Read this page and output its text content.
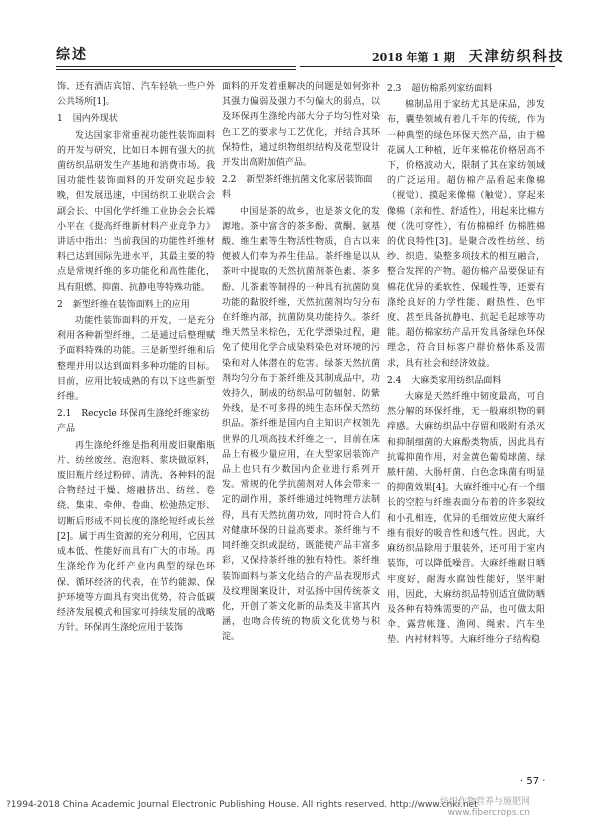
综述	2018 年第 1 期 天津纺织科技

饰、还有酒店宾馆、汽车轻轨一些户外公共场所[1]。

1 国内外现状

发达国家非常重视功能性装饰面料的开发与研究，比如日本拥有强大的抗菌纺织品研发生产基地和消费市场。我国功能性装饰面料的开发研究起步较晚，但发展迅速，中国纺织工业联合会副会长、中国化学纤维工业协会会长端小平在《提高纤维新材料产业竞争力》讲话中指出：当前我国的功能性纤维材料已达到国际先进水平，其最主要的特点是常规纤维的多功能化和高性能化，具有阻燃、抑菌、抗静电等特殊功能。

2 新型纤维在装饰面料上的应用

功能性装饰面料的开发，一是充分利用各种新型纤维，二是通过后整理赋予面料特殊的功能。三是新型纤维和后整理并用以达到面料多种功能的目标。目前，应用比较成熟的有以下这些新型纤维。

2.1 Recycle 环保再生涤纶纤维家纺产品

再生涤纶纤维是指利用废旧聚酯瓶片、纺丝废丝、泡泡料、浆块做原料，废旧瓶片经过粉碎、清洗、各种料的混合物经过干燥、熔融挤出、纺丝、卷绕、集束、牵伸、卷曲、松弛热定形、切断后形成不同长度的涤纶短纤或长丝[2]。属于再生资源的充分利用，它因其成本低、性能好而具有广大的市场。再生涤纶作为化纤产业内典型的绿色环保、循环经济的代表，在节约能源、保护环境等方面具有突出优势，符合低碳经济发展模式和国家可持续发展的战略方针。环保再生涤纶应用于装饰

面料的开发着重解决的问题是如何弥补其强力偏弱及强力不匀偏大的弱点，以及环保再生涤纶内部大分子均匀性对染色工艺的要求与工艺优化，并结合其环保特性，通过织物组织结构及花型设计开发出高附加值产品。

2.2 新型茶纤维抗菌文化家居装饰面料

中国是茶的故乡，也是茶文化的发源地。茶中富含的茶多酚、黄酮、氨基酸、维生素等生物活性物质，自古以来便被人们奉为养生佳品。茶纤维是以从茶叶中提取的天然抗菌剂茶色素、茶多酚、儿茶素等制得的一种具有抗菌防臭功能的黏胶纤维，天然抗菌剂均匀分布在纤维内部，抗菌防臭功能持久。茶纤维天然呈米棕色，无化学漂染过程，避免了使用化学合成染料染色对环境的污染和对人体潜在的危害。绿茶天然抗菌剂均匀分布于茶纤维及其制成品中，功效持久，制成的纺织品可防辐射、防紫外线，是不可多得的纯生态环保天然纺织品。茶纤维是国内自主知识产权领先世界的几项高技术纤维之一，目前在床品上有极少量应用，在大型家居装饰产品上也只有少数国内企业进行系列开发。常规的化学抗菌剂对人体会带来一定的副作用，茶纤维通过纯物理方法制得，具有天然抗菌功效，同时符合人们对健康环保的日益高要求。茶纤维与不同纤维交织或混纺，既能使产品丰富多彩，又保持茶纤维的独有特性。茶纤维装饰面料与茶文化结合的产品表现形式及纹理图案设计，对弘扬中国传统茶文化，开创了茶文化新的品类及丰富其内涵，也吻合传统的物质文化优势与积淀。

2.3 超仿棉系列家纺面料

棉制品用于家纺尤其是床品，涉发布，囊垫领域有着几千年的传统，作为一种典型的绿色环保天然产品，由于棉花属人工种植，近年来棉花价格居高不下，价格波动大，限制了其在家纺领域的广泛运用。超仿棉产品看起来像棉（视觉）、摸起来像棉（触觉）、穿起来像棉（亲和性、舒适性），用起来比棉方便（洗可穿性），有仿棉棉纤 仿棉胜棉的优良特性[3]。是聚合改性纺丝、纺纱、织造、染整多项技术的相互融合，整合发挥的产物。超仿棉产品要保证有棉花优异的柔软性、保暖性等，还要有涤纶良好的力学性能、耐热性、色牢度、甚至具备抗静电、抗起毛起球等功能。超仿棉家纺产品开发具备绿色环保理念，符合目标客户群价格体系及需求，具有社会和经济效益。

2.4 大麻类家用纺织品面料

大麻是天然纤维中韧度最高，可自然分解的环保纤维，无一般麻织物的刺痒感。大麻纺织品中存留和吸附有杀灭和抑制细菌的大麻酚类物质，因此具有抗霉抑菌作用，对金黄色葡萄球菌、绿脓杆菌、大肠杆菌、白色念珠菌有明显的抑菌效果[4]。大麻纤维中心有一个细长的空腔与纤维表面分布着的许多裂纹和小孔相连，优异的毛细效应使大麻纤维有很好的吸音性和透气性。因此，大麻纺织品除用于服装外，还可用于室内装饰，可以降低噪音。大麻纤维耐日晒牢度好，耐海水腐蚀性能好，坚牢耐用，因此，大麻纺织品特别适宜做防晒及各种有特殊需要的产品，也可做太阳伞、露营帐篷、渔网、绳索、汽车坐垫、内衬材料等。大麻纤维分子结构稳

· 57 ·
?1994-2018 China Academic Journal Electronic Publishing House. All rights reserved. http://www.cnki.net
纺织作物营养与施肥网
www.fibercrops.cn
